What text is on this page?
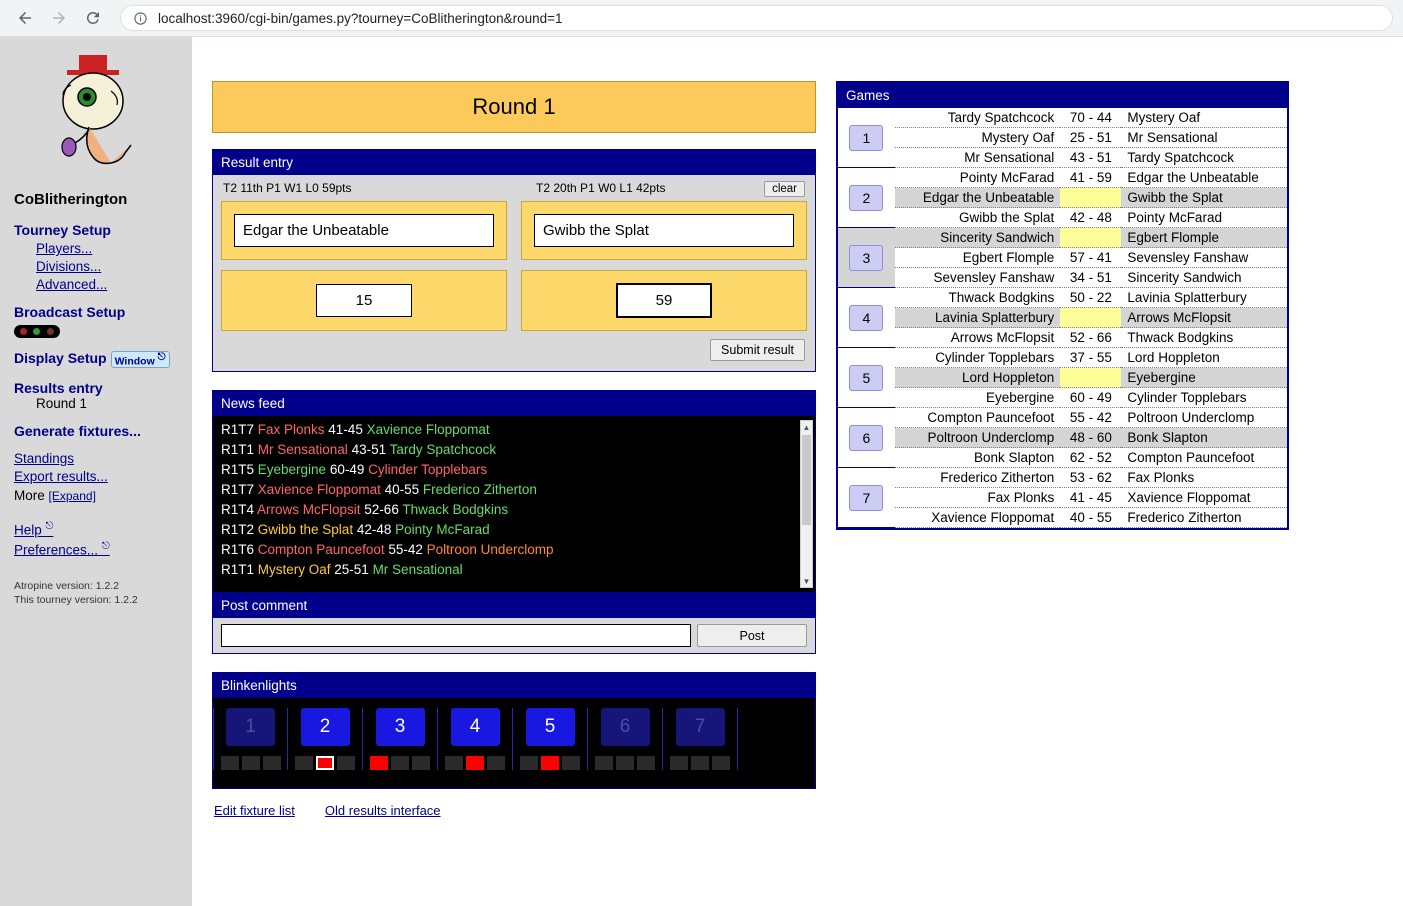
localhost:3960/cgi-bin/games.py?tourney=CoBlitherington&round=1
CoBlitherington
Tourney Setup
Players...
Divisions...
Advanced...
Broadcast Setup
Display Setup Window ⎋
Results entry
Round 1
Generate fixtures...
Standings
Export results...
More [Expand]
Help ⎋
Preferences... ⎋
Atropine version: 1.2.2
This tourney version: 1.2.2
Round 1
Result entry
T2 11th P1 W1 L0 59pts	T2 20th P1 W0 L1 42pts	clear
Edgar the Unbeatable
Gwibb the Splat
15
59
Submit result
News feed
R1T7 Fax Plonks 41-45 Xavience Floppomat
R1T1 Mr Sensational 43-51 Tardy Spatchcock
R1T5 Eyebergine 60-49 Cylinder Topplebars
R1T7 Xavience Floppomat 40-55 Frederico Zitherton
R1T4 Arrows McFlopsit 52-66 Thwack Bodgkins
R1T2 Gwibb the Splat 42-48 Pointy McFarad
R1T6 Compton Pauncefoot 55-42 Poltroon Underclomp
R1T1 Mystery Oaf 25-51 Mr Sensational
▲
▼
Post comment
Post
Blinkenlights
1	2	3	4	5	6	7
Edit fixture list Old results interface
Games
1	Tardy Spatchcock	70 - 44	Mystery Oaf
	Mystery Oaf	25 - 51	Mr Sensational
	Mr Sensational	43 - 51	Tardy Spatchcock

2	Pointy McFarad	41 - 59	Edgar the Unbeatable
	Edgar the Unbeatable		Gwibb the Splat
	Gwibb the Splat	42 - 48	Pointy McFarad

3	Sincerity Sandwich		Egbert Flomple
	Egbert Flomple	57 - 41	Sevensley Fanshaw
	Sevensley Fanshaw	34 - 51	Sincerity Sandwich

4	Thwack Bodgkins	50 - 22	Lavinia Splatterbury
	Lavinia Splatterbury		Arrows McFlopsit
	Arrows McFlopsit	52 - 66	Thwack Bodgkins

5	Cylinder Topplebars	37 - 55	Lord Hoppleton
	Lord Hoppleton		Eyebergine
	Eyebergine	60 - 49	Cylinder Topplebars

6	Compton Pauncefoot	55 - 42	Poltroon Underclomp
	Poltroon Underclomp	48 - 60	Bonk Slapton
	Bonk Slapton	62 - 52	Compton Pauncefoot

7	Frederico Zitherton	53 - 62	Fax Plonks
	Fax Plonks	41 - 45	Xavience Floppomat
	Xavience Floppomat	40 - 55	Frederico Zitherton
